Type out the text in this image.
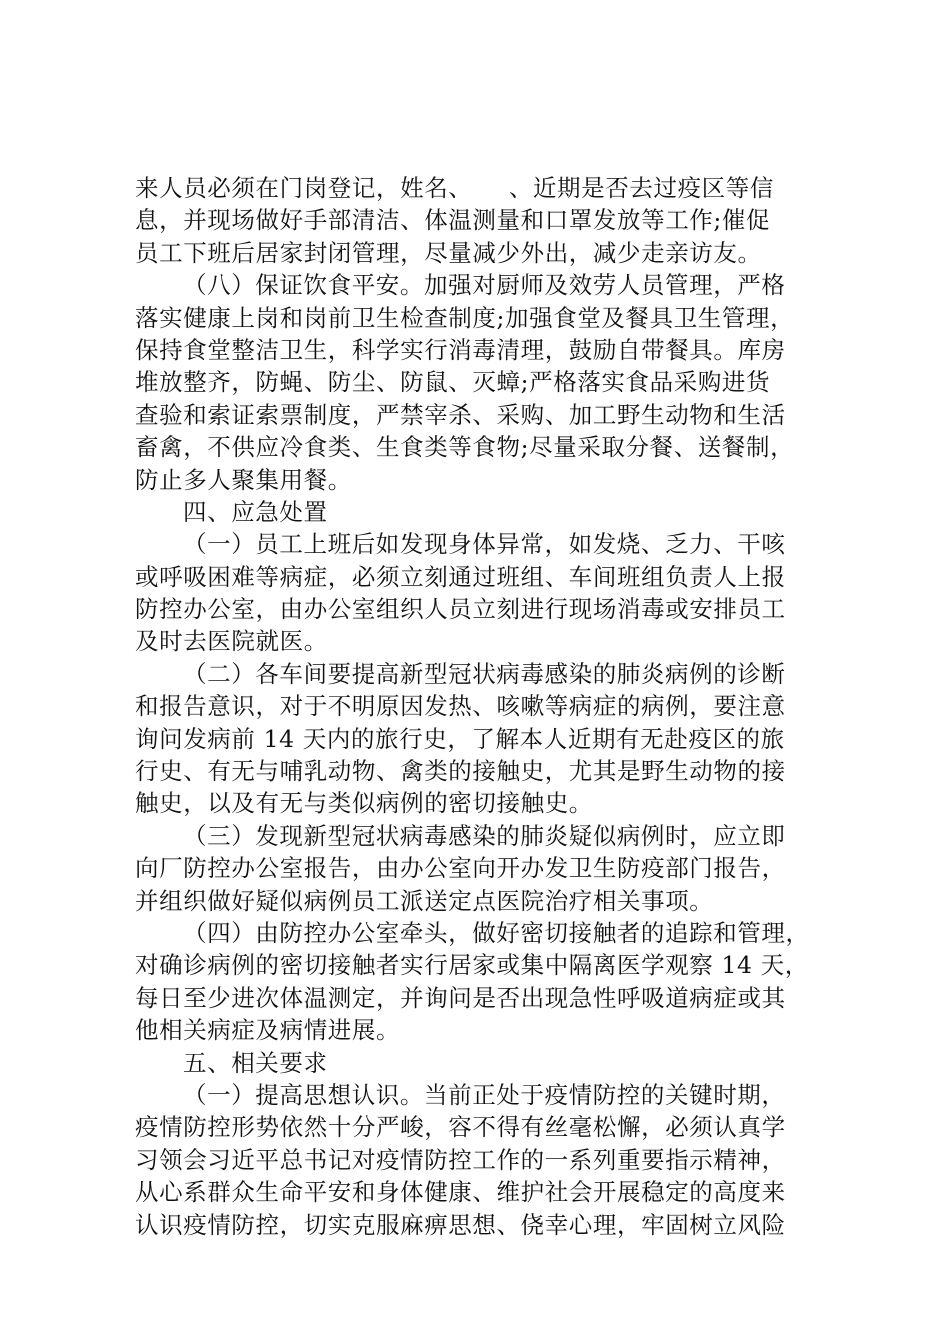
来人员必须在门岗登记，姓名、　　、近期是否去过疫区等信
息，并现场做好手部清洁、体温测量和口罩发放等工作;催促
员工下班后居家封闭管理，尽量减少外出，减少走亲访友。
（八）保证饮食平安。加强对厨师及效劳人员管理，严格
落实健康上岗和岗前卫生检查制度;加强食堂及餐具卫生管理，
保持食堂整洁卫生，科学实行消毒清理，鼓励自带餐具。库房
堆放整齐，防蝇、防尘、防鼠、灭蟑;严格落实食品采购进货
查验和索证索票制度，严禁宰杀、采购、加工野生动物和生活
畜禽，不供应冷食类、生食类等食物;尽量采取分餐、送餐制，
防止多人聚集用餐。
四、应急处置
（一）员工上班后如发现身体异常，如发烧、乏力、干咳
或呼吸困难等病症，必须立刻通过班组、车间班组负责人上报
防控办公室，由办公室组织人员立刻进行现场消毒或安排员工
及时去医院就医。
（二）各车间要提高新型冠状病毒感染的肺炎病例的诊断
和报告意识，对于不明原因发热、咳嗽等病症的病例，要注意
询问发病前 14 天内的旅行史，了解本人近期有无赴疫区的旅
行史、有无与哺乳动物、禽类的接触史，尤其是野生动物的接
触史，以及有无与类似病例的密切接触史。
（三）发现新型冠状病毒感染的肺炎疑似病例时，应立即
向厂防控办公室报告，由办公室向开办发卫生防疫部门报告，
并组织做好疑似病例员工派送定点医院治疗相关事项。
（四）由防控办公室牵头，做好密切接触者的追踪和管理，
对确诊病例的密切接触者实行居家或集中隔离医学观察 14 天，
每日至少进次体温测定，并询问是否出现急性呼吸道病症或其
他相关病症及病情进展。
五、相关要求
（一）提高思想认识。当前正处于疫情防控的关键时期，
疫情防控形势依然十分严峻，容不得有丝毫松懈，必须认真学
习领会习近平总书记对疫情防控工作的一系列重要指示精神，
从心系群众生命平安和身体健康、维护社会开展稳定的高度来
认识疫情防控，切实克服麻痹思想、侥幸心理，牢固树立风险
